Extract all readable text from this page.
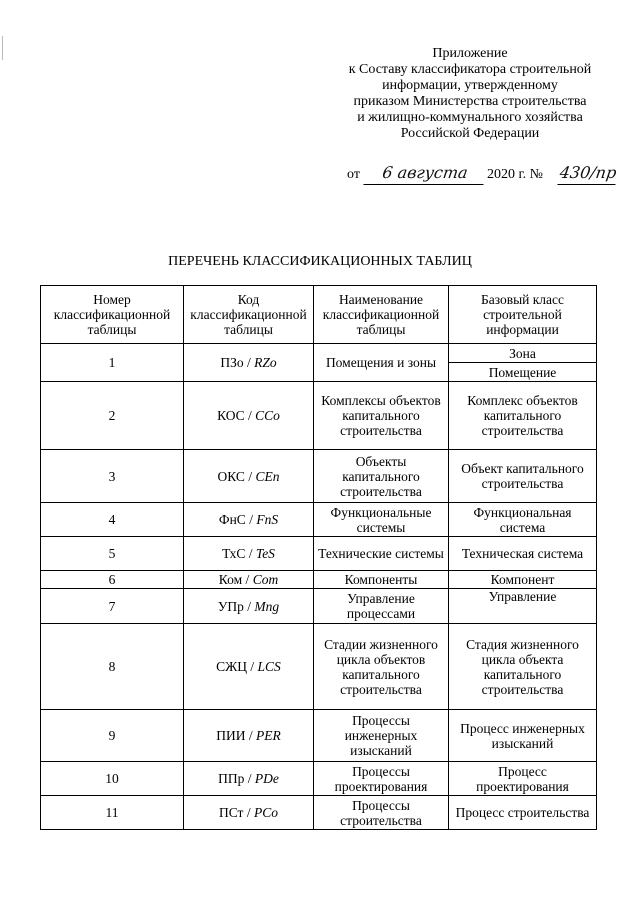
Приложение
к Составу классификатора строительной
информации, утвержденному
приказом Министерства строительства
и жилищно-коммунального хозяйства
Российской Федерации
от	6 августа	2020 г. № 430/пр
ПЕРЕЧЕНЬ КЛАССИФИКАЦИОННЫХ ТАБЛИЦ
Номер классификационной таблицы	Код классификационной таблицы	Наименование классификационной таблицы	Базовый класс строительной информации
1	ПЗо / RZo	Помещения и зоны	Зона
			Помещение
2	КОС / CCo	Комплексы объектов капитального строительства	Комплекс объектов капитального строительства
3	ОКС / CEn	Объекты капитального строительства	Объект капитального строительства
4	ФнС / FnS	Функциональные системы	Функциональная система
5	ТхС / TeS	Технические системы	Техническая система
6	Ком / Com	Компоненты	Компонент
7	УПр / Mng	Управление процессами	Управление
8	СЖЦ / LCS	Стадии жизненного цикла объектов капитального строительства	Стадия жизненного цикла объекта капитального строительства
9	ПИИ / PER	Процессы инженерных изысканий	Процесс инженерных изысканий
10	ППр / PDe	Процессы проектирования	Процесс проектирования
11	ПСт / PCo	Процессы строительства	Процесс строительства
